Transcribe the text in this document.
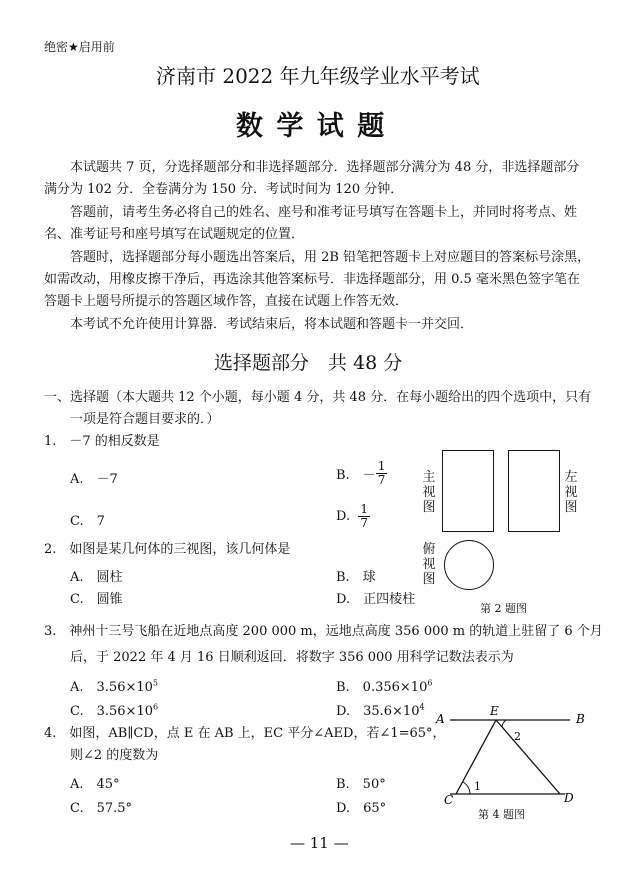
绝密★启用前
济南市 2022 年九年级学业水平考试
数 学 试 题
本试题共 7 页，分选择题部分和非选择题部分．选择题部分满分为 48 分，非选择题部分
满分为 102 分．全卷满分为 150 分．考试时间为 120 分钟．
答题前，请考生务必将自己的姓名、座号和准考证号填写在答题卡上，并同时将考点、姓
名、准考证号和座号填写在试题规定的位置．
答题时，选择题部分每小题选出答案后，用 2B 铅笔把答题卡上对应题目的答案标号涂黑，
如需改动，用橡皮擦干净后，再选涂其他答案标号．非选择题部分，用 0.5 毫米黑色签字笔在
答题卡上题号所提示的答题区域作答，直接在试题上作答无效．
本考试不允许使用计算器．考试结束后，将本试题和答题卡一并交回．
选择题部分　共 48 分
一、选择题（本大题共 12 个小题，每小题 4 分，共 48 分．在每小题给出的四个选项中，只有
一项是符合题目要求的．）
1.　－7 的相反数是
A.　－7	B.　－ $\frac{1}{7}$
C.　7	D. $\frac{1}{7}$
2.　如图是某几何体的三视图，该几何体是
A.　圆柱	B.　球
C.　圆锥	D.　正四棱柱
主视图
左视图
俯视图
第 2 题图
3.　神州十三号飞船在近地点高度 200 000 m，远地点高度 356 000 m 的轨道上驻留了 6 个月
后，于 2022 年 4 月 16 日顺利返回．将数字 356 000 用科学记数法表示为
A.　$3.56\times 10^5$	B.　$0.356\times 10^6$
C.　$3.56\times 10^6$	D.　$35.6\times 10^4$
4.　如图，AB∥CD，点 E 在 AB 上，EC 平分∠AED，若∠1=65°，
则∠2 的度数为
A.　45°	B.　50°
C.　57.5°	D.　65°
A
E
B
C	D
1
2
第 4 题图
— 11 —
